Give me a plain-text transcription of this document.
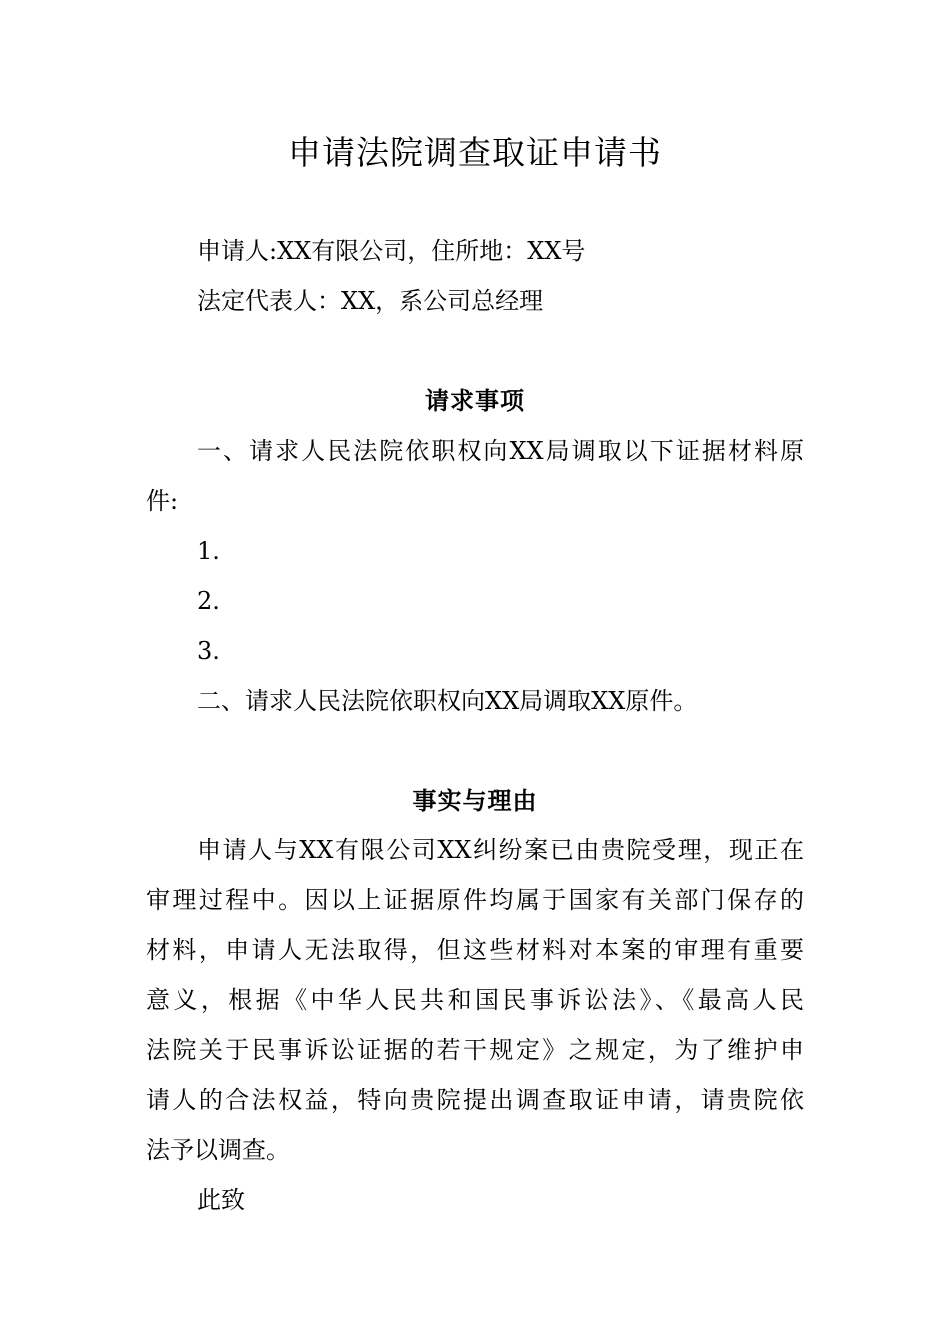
申请法院调查取证申请书
申请人:XX有限公司，住所地：XX号
法定代表人：XX，系公司总经理
请求事项
一、请求人民法院依职权向XX局调取以下证据材料原
件:
1.
2.
3.
二、请求人民法院依职权向XX局调取XX原件。
事实与理由
申请人与XX有限公司XX纠纷案已由贵院受理，现正在
审理过程中。因以上证据原件均属于国家有关部门保存的
材料，申请人无法取得，但这些材料对本案的审理有重要
意义，根据《中华人民共和国民事诉讼法》、《最高人民
法院关于民事诉讼证据的若干规定》之规定，为了维护申
请人的合法权益，特向贵院提出调查取证申请，请贵院依
法予以调查。
此致
